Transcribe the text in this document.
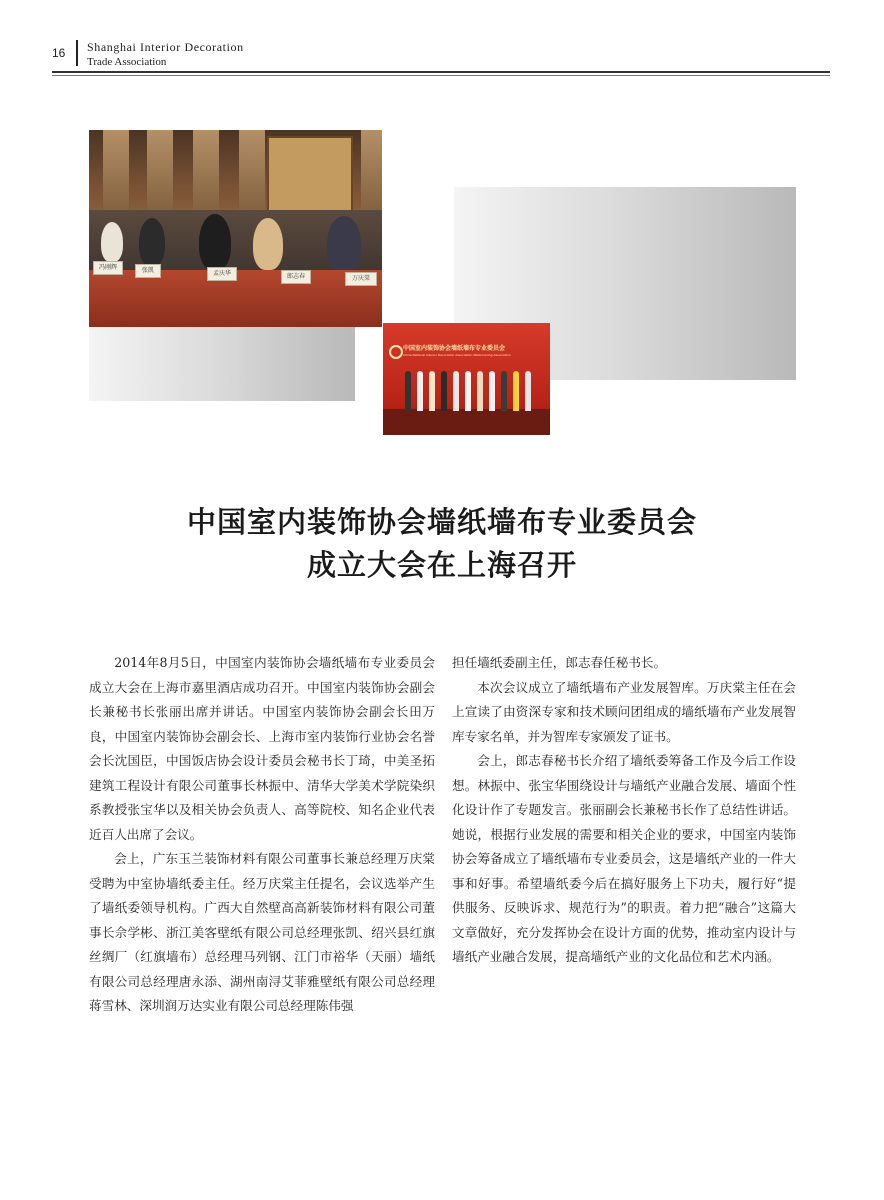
16 Shanghai Interior Decoration
Trade Association
冯刚辉	张凯	孟庆华	郎志春	万庆棠
中国室内装饰协会墙纸墙布专业委员会
China National Interior Decoration Association Wallcovering Association
中国室内装饰协会墙纸墙布专业委员会
成立大会在上海召开

2014年8月5日，中国室内装饰协会墙纸墙布专业委员会成立大会在上海市嘉里酒店成功召开。中国室内装饰协会副会长兼秘书长张丽出席并讲话。中国室内装饰协会副会长田万良，中国室内装饰协会副会长、上海市室内装饰行业协会名誉会长沈国臣，中国饭店协会设计委员会秘书长丁琦，中美圣拓建筑工程设计有限公司董事长林振中、清华大学美术学院染织系教授张宝华以及相关协会负责人、高等院校、知名企业代表近百人出席了会议。

会上，广东玉兰装饰材料有限公司董事长兼总经理万庆棠受聘为中室协墙纸委主任。经万庆棠主任提名，会议选举产生了墙纸委领导机构。广西大自然壁高高新装饰材料有限公司董事长佘学彬、浙江美客壁纸有限公司总经理张凯、绍兴县红旗丝绸厂（红旗墙布）总经理马列钢、江门市裕华（天丽）墙纸有限公司总经理唐永添、湖州南浔艾菲雅壁纸有限公司总经理蒋雪林、深圳润万达实业有限公司总经理陈伟强

担任墙纸委副主任，郎志春任秘书长。

本次会议成立了墙纸墙布产业发展智库。万庆棠主任在会上宣读了由资深专家和技术顾问团组成的墙纸墙布产业发展智库专家名单，并为智库专家颁发了证书。

会上，郎志春秘书长介绍了墙纸委筹备工作及今后工作设想。林振中、张宝华围绕设计与墙纸产业融合发展、墙面个性化设计作了专题发言。张丽副会长兼秘书长作了总结性讲话。她说，根据行业发展的需要和相关企业的要求，中国室内装饰协会筹备成立了墙纸墙布专业委员会，这是墙纸产业的一件大事和好事。希望墙纸委今后在搞好服务上下功夫，履行好“提供服务、反映诉求、规范行为”的职责。着力把“融合”这篇大文章做好，充分发挥协会在设计方面的优势，推动室内设计与墙纸产业融合发展，提高墙纸产业的文化品位和艺术内涵。
